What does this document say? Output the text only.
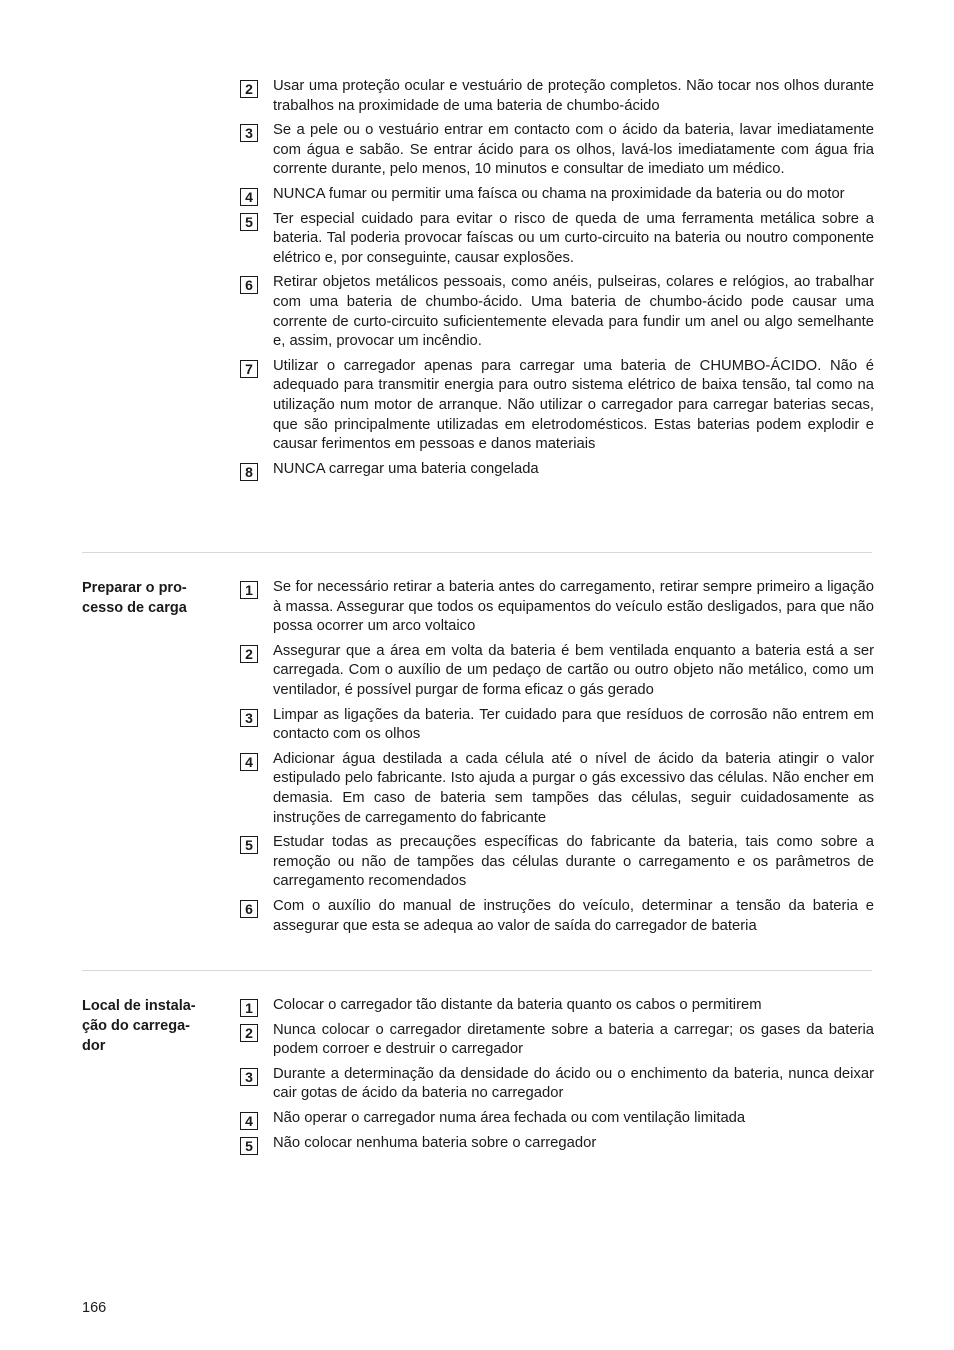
2	Usar uma proteção ocular e vestuário de proteção completos. Não tocar nos olhos durante trabalhos na proximidade de uma bateria de chumbo-ácido
3	Se a pele ou o vestuário entrar em contacto com o ácido da bateria, lavar imediatamente com água e sabão. Se entrar ácido para os olhos, lavá-los imediatamente com água fria corrente durante, pelo menos, 10 minutos e consultar de imediato um médico.
4	NUNCA fumar ou permitir uma faísca ou chama na proximidade da bateria ou do motor
5	Ter especial cuidado para evitar o risco de queda de uma ferramenta metálica sobre a bateria. Tal poderia provocar faíscas ou um curto-circuito na bateria ou noutro componente elétrico e, por conseguinte, causar explosões.
6	Retirar objetos metálicos pessoais, como anéis, pulseiras, colares e relógios, ao trabalhar com uma bateria de chumbo-ácido. Uma bateria de chumbo-ácido pode causar uma corrente de curto-circuito suficientemente elevada para fundir um anel ou algo semelhante e, assim, provocar um incêndio.
7	Utilizar o carregador apenas para carregar uma bateria de CHUMBO-ÁCIDO. Não é adequado para transmitir energia para outro sistema elétrico de baixa tensão, tal como na utilização num motor de arranque. Não utilizar o carregador para carregar baterias secas, que são principalmente utilizadas em eletrodomésticos. Estas baterias podem explodir e causar ferimentos em pessoas e danos materiais
8	NUNCA carregar uma bateria congelada
Preparar o pro-
cesso de carga
1	Se for necessário retirar a bateria antes do carregamento, retirar sempre primeiro a ligação à massa. Assegurar que todos os equipamentos do veículo estão desligados, para que não possa ocorrer um arco voltaico
2	Assegurar que a área em volta da bateria é bem ventilada enquanto a bateria está a ser carregada. Com o auxílio de um pedaço de cartão ou outro objeto não metálico, como um ventilador, é possível purgar de forma eficaz o gás gerado
3	Limpar as ligações da bateria. Ter cuidado para que resíduos de corrosão não entrem em contacto com os olhos
4	Adicionar água destilada a cada célula até o nível de ácido da bateria atingir o valor estipulado pelo fabricante. Isto ajuda a purgar o gás excessivo das células. Não encher em demasia. Em caso de bateria sem tampões das células, seguir cuidadosamente as instruções de carregamento do fabricante
5	Estudar todas as precauções específicas do fabricante da bateria, tais como sobre a remoção ou não de tampões das células durante o carregamento e os parâmetros de carregamento recomendados
6	Com o auxílio do manual de instruções do veículo, determinar a tensão da bateria e assegurar que esta se adequa ao valor de saída do carregador de bateria
Local de instala-
ção do carrega-
dor
1	Colocar o carregador tão distante da bateria quanto os cabos o permitirem
2	Nunca colocar o carregador diretamente sobre a bateria a carregar; os gases da bateria podem corroer e destruir o carregador
3	Durante a determinação da densidade do ácido ou o enchimento da bateria, nunca deixar cair gotas de ácido da bateria no carregador
4	Não operar o carregador numa área fechada ou com ventilação limitada
5	Não colocar nenhuma bateria sobre o carregador
166
